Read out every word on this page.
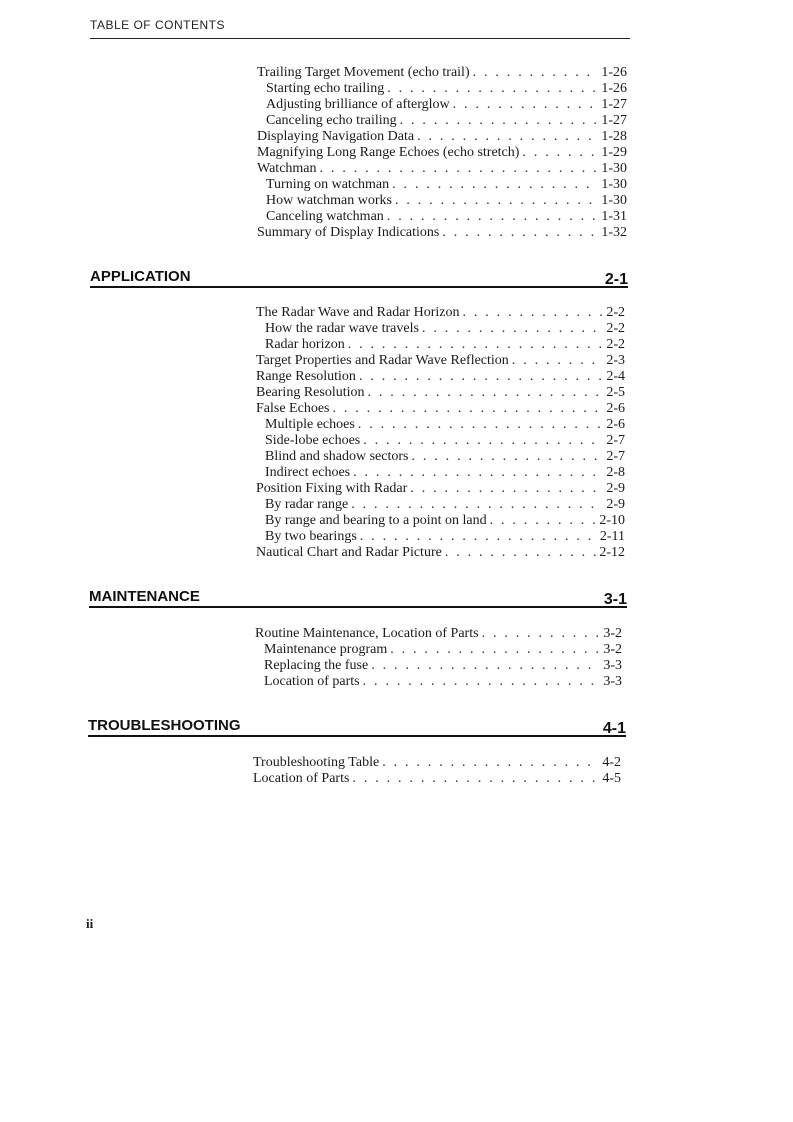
TABLE OF CONTENTS
Trailing Target Movement (echo trail) . . .	1-26
Starting echo trailing . . .	1-26
Adjusting brilliance of afterglow . . .	1-27
Canceling echo trailing . . .	1-27
Displaying Navigation Data . . .	1-28
Magnifying Long Range Echoes (echo stretch) . . .	1-29
Watchman . . .	1-30
Turning on watchman . . .	1-30
How watchman works . . .	1-30
Canceling watchman . . .	1-31
Summary of Display Indications . . .	1-32
APPLICATION	2-1
The Radar Wave and Radar Horizon . . .	2-2
How the radar wave travels . . .	2-2
Radar horizon . . .	2-2
Target Properties and Radar Wave Reflection . . .	2-3
Range Resolution . . .	2-4
Bearing Resolution . . .	2-5
False Echoes . . .	2-6
Multiple echoes . . .	2-6
Side-lobe echoes . . .	2-7
Blind and shadow sectors . . .	2-7
Indirect echoes . . .	2-8
Position Fixing with Radar . . .	2-9
By radar range . . .	2-9
By range and bearing to a point on land . . .	2-10
By two bearings . . .	2-11
Nautical Chart and Radar Picture . . .	2-12
MAINTENANCE	3-1
Routine Maintenance, Location of Parts . . .	3-2
Maintenance program . . .	3-2
Replacing the fuse . . .	3-3
Location of parts . . .	3-3
TROUBLESHOOTING	4-1
Troubleshooting Table . . .	4-2
Location of Parts . . .	4-5
ii
